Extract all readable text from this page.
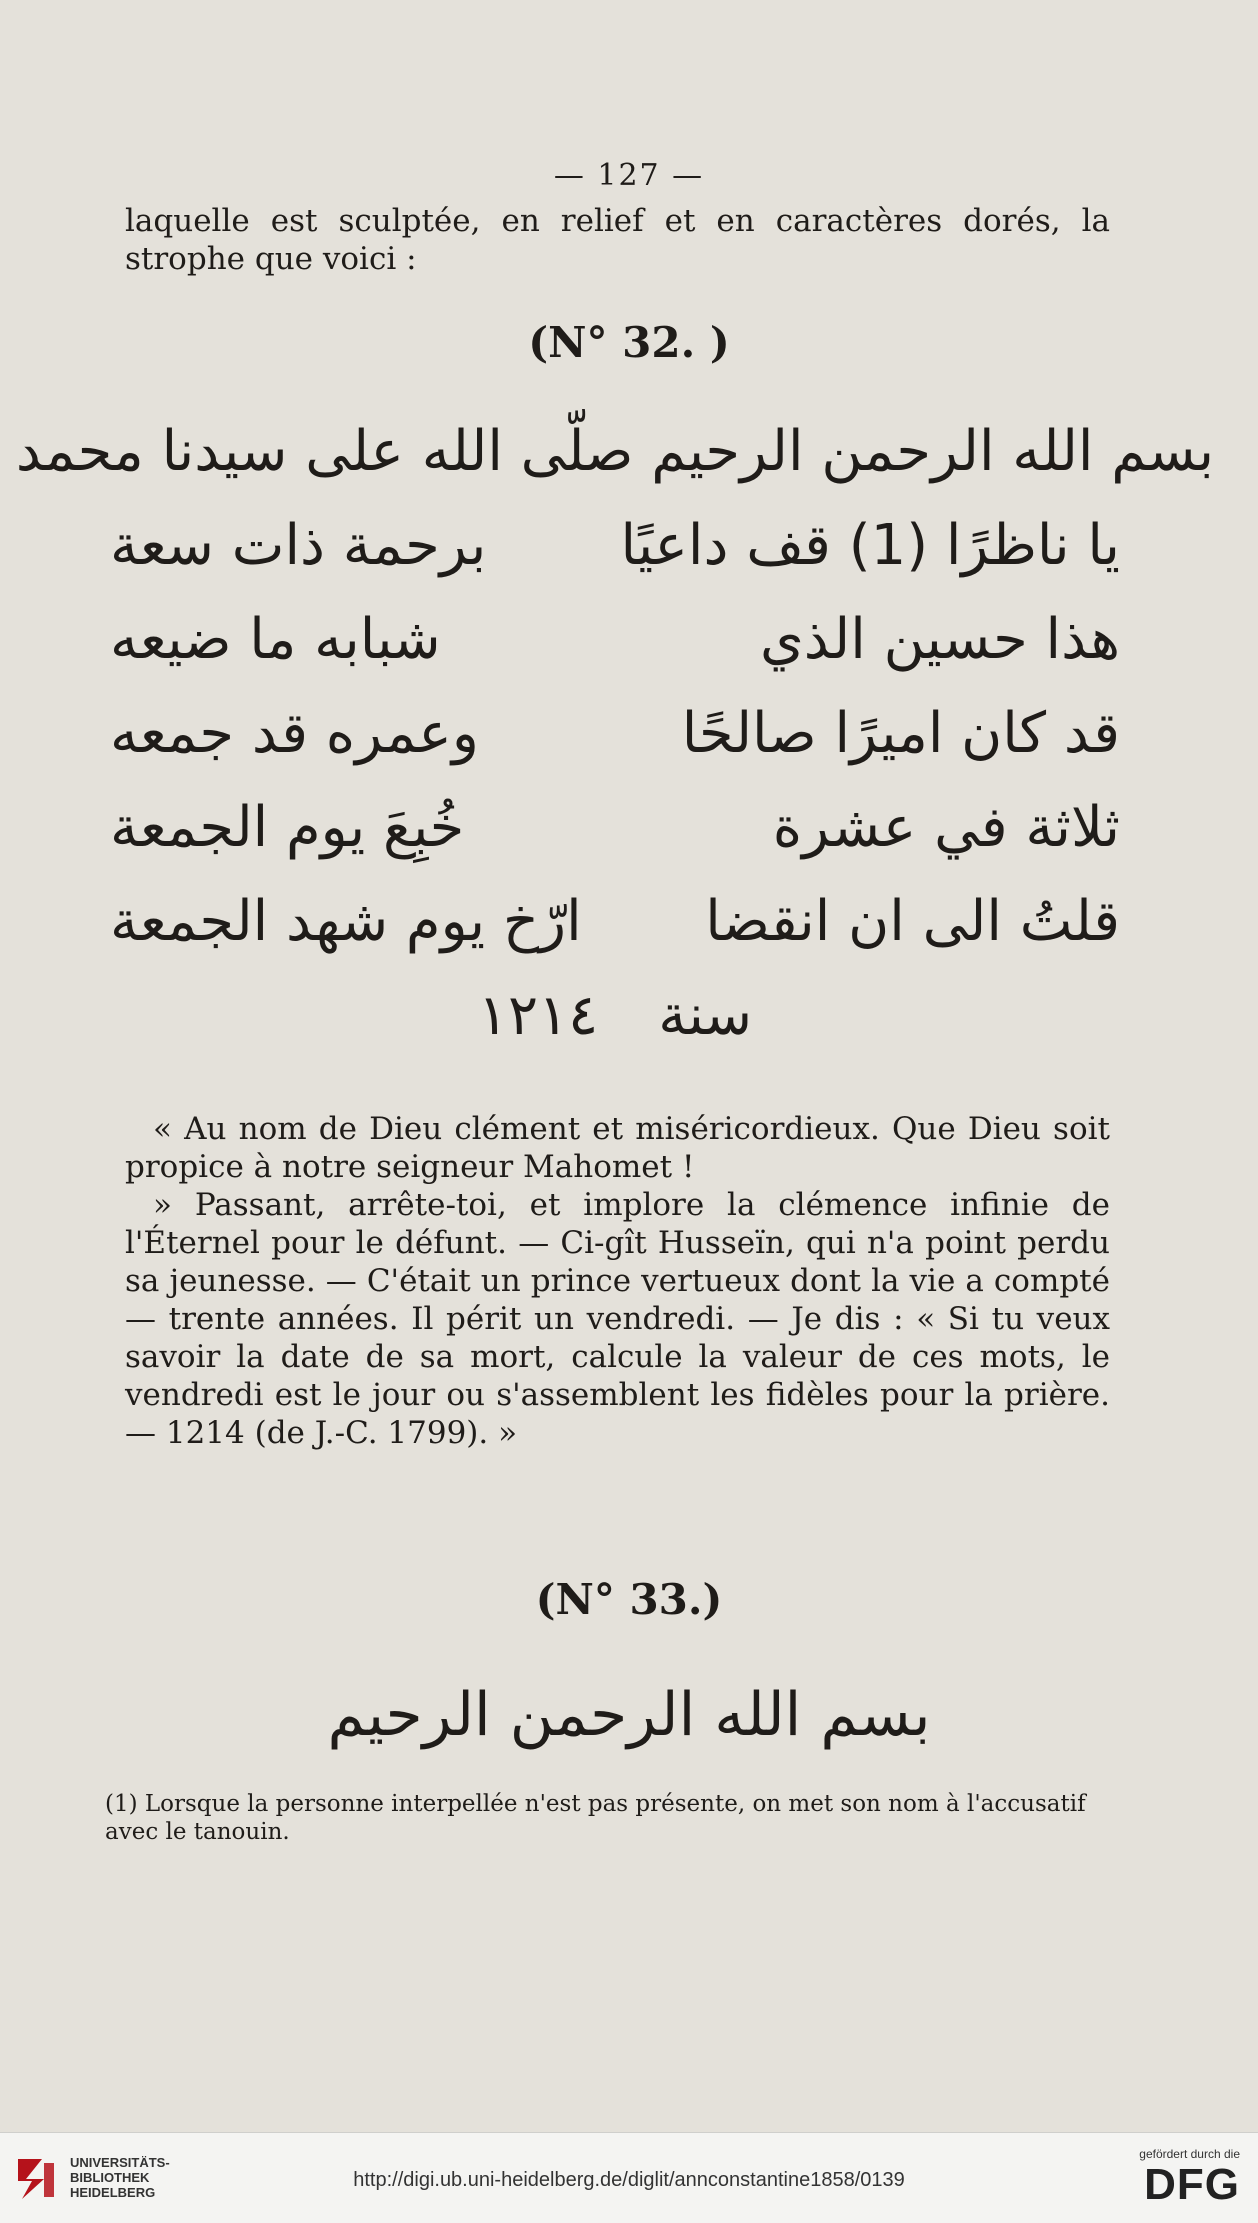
— 127 —

laquelle est sculptée, en relief et en caractères dorés, la strophe que voici :

(N° 32. )
بسم الله الرحمن الرحيم صلّى الله على سيدنا محمد
يا ناظرًا (1) قف داعيًا
برحمة ذات سعة
هذا حسين الذي
شبابه ما ضيعه
قد كان اميرًا صالحًا
وعمره قد جمعه
ثلاثة في عشرة
خُبِعَ يوم الجمعة
قلتُ الى ان انقضا
ارّخ يوم شهد الجمعة
سنة
١٢١٤

« Au nom de Dieu clément et miséricordieux. Que Dieu soit propice à notre seigneur Mahomet !

» Passant, arrête-toi, et implore la clémence infinie de l'Éternel pour le défunt. — Ci-gît Husseïn, qui n'a point perdu sa jeunesse. — C'était un prince vertueux dont la vie a compté — trente années. Il périt un vendredi. — Je dis : « Si tu veux savoir la date de sa mort, calcule la valeur de ces mots, le vendredi est le jour ou s'assemblent les fidèles pour la prière. — 1214 (de J.-C. 1799). »

(N° 33.)
بسم الله الرحمن الرحيم
(1) Lorsque la personne interpellée n'est pas présente, on met son nom à l'accusatif avec le tanouin.
UNIVERSITÄTS-
BIBLIOTHEK
HEIDELBERG
http://digi.ub.uni-heidelberg.de/diglit/annconstantine1858/0139
gefördert durch die
DFG
